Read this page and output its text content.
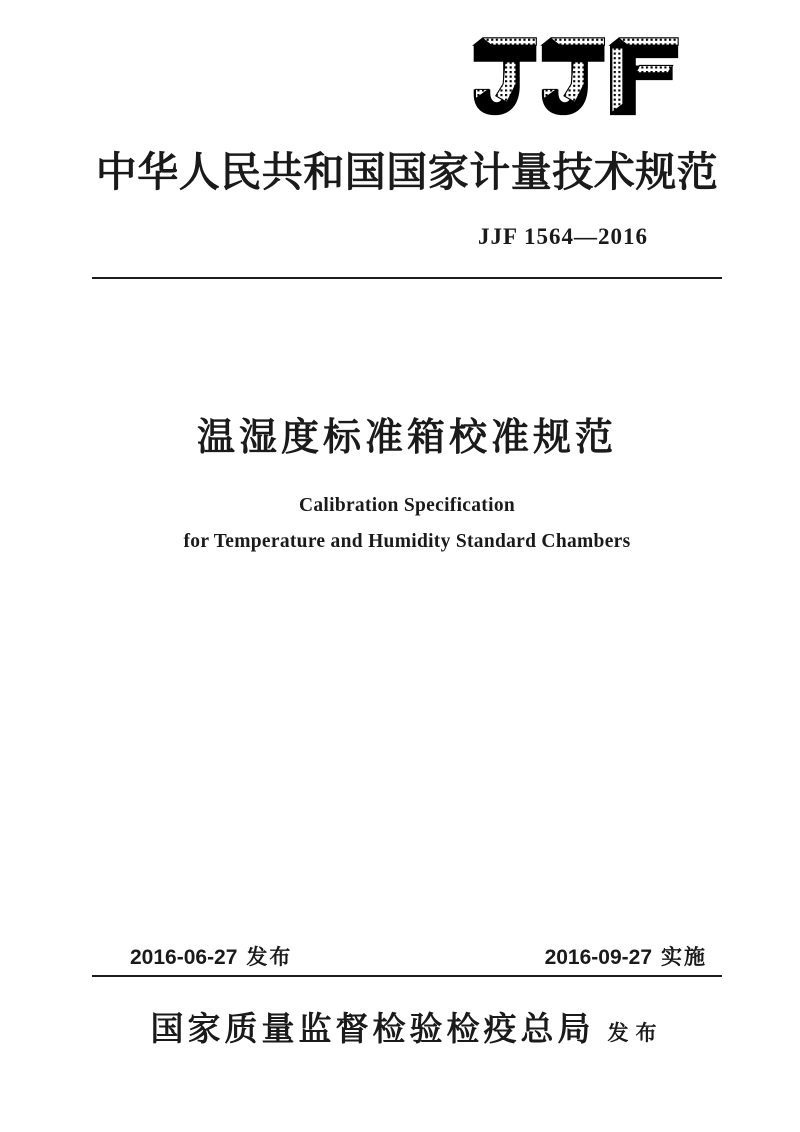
中华人民共和国国家计量技术规范
JJF 1564—2016
温湿度标准箱校准规范
Calibration Specification
for Temperature and Humidity Standard Chambers
2016-06-27 发布	2016-09-27 实施
国家质量监督检验检疫总局 发布
